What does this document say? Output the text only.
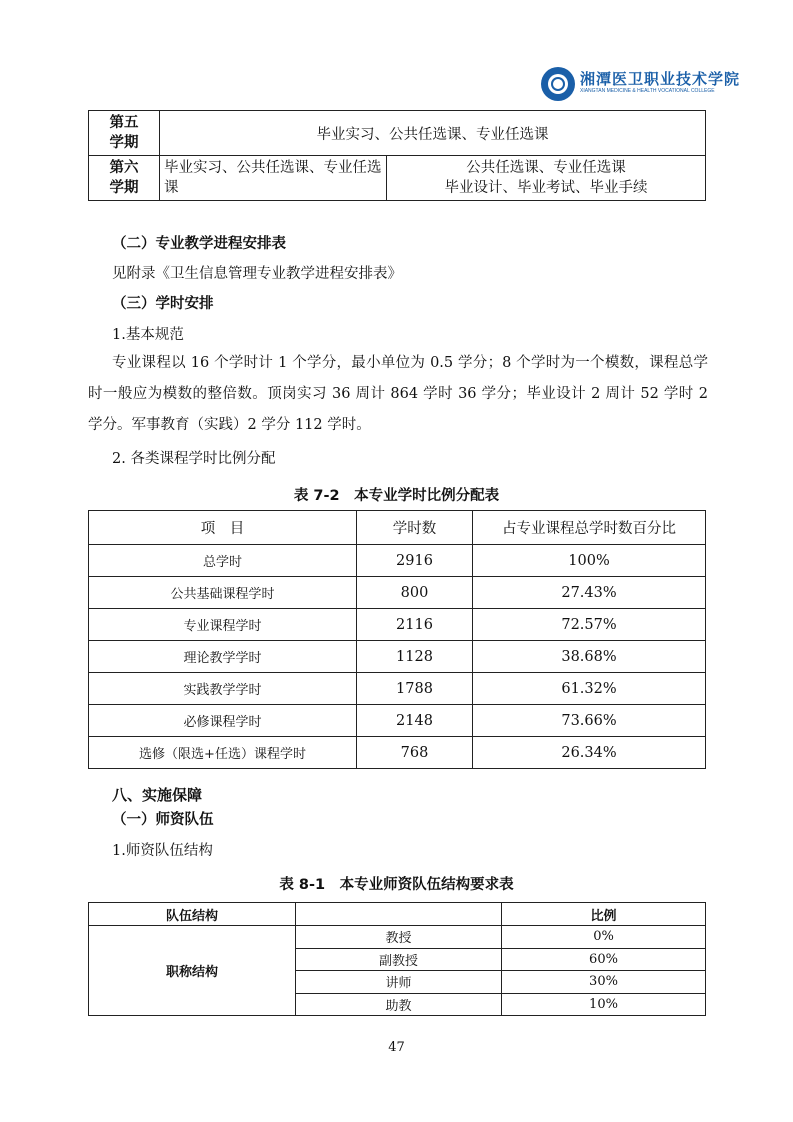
湘潭医卫职业技术学院
XIANGTAN MEDICINE & HEALTH VOCATIONAL COLLEGE
第五
学期	毕业实习、公共任选课、专业任选课	
第六
学期	毕业实习、公共任选课、专业任选课	公共任选课、专业任选课
毕业设计、毕业考试、毕业手续
（二）专业教学进程安排表
见附录《卫生信息管理专业教学进程安排表》
（三）学时安排
1.基本规范
专业课程以 16 个学时计 1 个学分，最小单位为 0.5 学分；8 个学时为一个模数，课程总学时一般应为模数的整倍数。顶岗实习 36 周计 864 学时 36 学分；毕业设计 2 周计 52 学时 2 学分。军事教育（实践）2 学分 112 学时。
2. 各类课程学时比例分配
表 7-2　本专业学时比例分配表
项　目	学时数	占专业课程总学时数百分比
总学时	2916	100%
公共基础课程学时	800	27.43%
专业课程学时	2116	72.57%
理论教学学时	1128	38.68%
实践教学学时	1788	61.32%
必修课程学时	2148	73.66%
选修（限选+任选）课程学时	768	26.34%
八、实施保障
（一）师资队伍
1.师资队伍结构
表 8-1　本专业师资队伍结构要求表
队伍结构		比例
职称结构	教授	0%
	副教授	60%
	讲师	30%
	助教	10%
47
